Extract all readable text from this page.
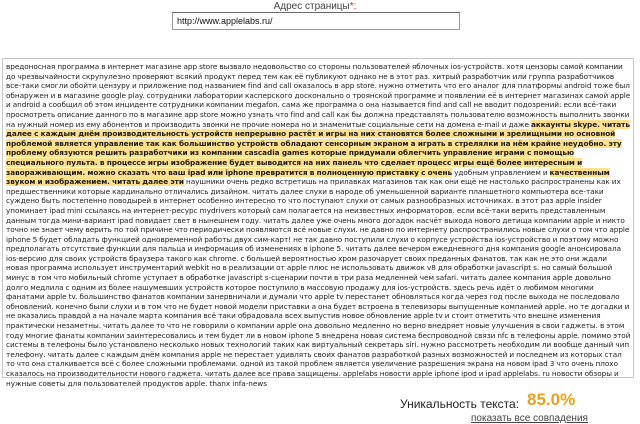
Адрес страницы*:
http://www.applelabs.ru/
вредоносная программа в интернет магазине app store вызвало недовольство со стороны пользователей яблочных ios-устройств. хотя цензоры самой компании до чрезвычайности скрупулезно проверяют всякий продукт перед тем как её публикуют однако не в этот раз. хитрый разработчик или группа разработчиков все-таки смогли обойти цензуру и приложение под названием find and call оказалось в app store. нужно отметить что его аналог для платформы android тоже был обнаружен и в магазине google play. сотрудники лаборатории касперского досконально о троянской программе и появлении её в интернет магазинах самой apple и android а сообщил об этом инциденте сотрудники компании megafon. сама же программа о она называется find and call не вводит подозрений: если всё-таки просмотреть описание данного по в магазине app store можно узнать что find and call как бы должна представлять пользователю возможность выполнить звонки на нужный номер из ему абонентов и производить звонки не прочие номера но и знаменитые социальные сети на домена e-mail и даже аккаунты skype. читать далее с каждым днём производительность устройств непрерывно растёт и игры на них становятся более сложными и зрелищными но основной проблемой является управление так как большинство устройств обладают сенсорным экраном а играть в стрелялки на нём крайне неудобно. эту проблему обязуются решить разработчики из компании cascadia games которые придумали облегчить управление играми с помощью специального пульта. в процессе игры изображение будет выводится на них панель что сделает процесс игры ещё более интересным и завораживающим. можно сказать что ваш ipad или iphone превратится в полноценную приставку с очень удобным управлением и качественным звуком и изображением. читать далее эти наушники очень редко встретишь на прилавках магазинов так как они ещё не настолько распространены как их предшественники которые кардинально отличались дизайном. читать далее слухи в народе об уменьшенной варианте планшетного компьютера все-таки суждено быть постепенно поводырей в интернет особенно интересно то что поступают слухи от самых разнообразных источниках. в этот раз apple insider упоминает ipad mini ссылаясь на интернет-ресурс mydrivers который сам полагается на неизвестных информаторов. если всё-таки верить представленным данным тогда мини-вариант ipad повидает свет в нынешнем году. читать далее уже очень много догадок насчёт выхода нового детища компании apple и никто точно не знает чему верить по той причине что периодически появляются всё новые слухи. не давно по интернету распространились новые слухи о том что apple iphone 5 будет обладать функцией одновременной работы двух сим-карт! не так давно поступили слухи о корпусе устройства ios-устройство и поэтому можно предполагать отсутствие функции для пальца и информация об изменениях в iphone 5. читать далее вечером ежедневного дня компания google анонсировала ios-версию для своих устройств браузера такого как chrome. с большей вероятностью хром разочарует своих преданных фанатов. так как не это они ждали новая программа использует инструментарий webkit но в реализации от apple плюс не использовать движок v8 для обработки javascript s. но самый большой минус в том что мобильный chrome уступает в обработке javascript s-сценарии почти в три раза медленней чем safari. читать далее компания apple довольно долго медлила с одним из более нашумевших устройств которое поступило в массовую продажу для ios-устройств. здесь речь идёт о любимом многими фанатами apple tv. большинство фанатов компании занервничали и думали что apple tv перестанет обновляться когда через год после выхода не последовало обновлений. конечно были слухи и в том что не будет новой модели приставки а она будет встроена в телевизоры выпущенные компанией apple. но те догадки и не оказались правдой а на начале марта компания всё таки обрадовала всех выпустив новое обновление apple tv и стоит отметить что внешне изменения практически незаметны. читать далее то что не говорили о компании apple она довольно медленно но верно внедряет новые улучшения в свои гаджеты. в этом году многие фанаты компании заинтересовались и тем будет ли в новом iphone 5 внедрена новая система беспроводной связи nfc в телефоны apple. помимо этой системы в телефоны было установлено несколько новых технологий таких как виртуальный секретарь siri. нужно рассмотреть необходим ли вообще данный чип телефону. читать далее с каждым днём компания apple не перестает удивлять своих фанатов разработкой разных возможностей и последнем из которых стал то что она сталкивается всё с более сложными проблемами. одной из такой проблем является увеличение разрешения экрана на новом ipad 3 что очень плохо сказалось на производительности нового гаджета. читать далее все права защищены. applelabs новости apple iphone ipod и ipad applelabs. ru новости обзоры и нужные советы для пользователей продуктов apple. thanx infa-news
Уникальность текста: 85.0%
показать все совпадения
